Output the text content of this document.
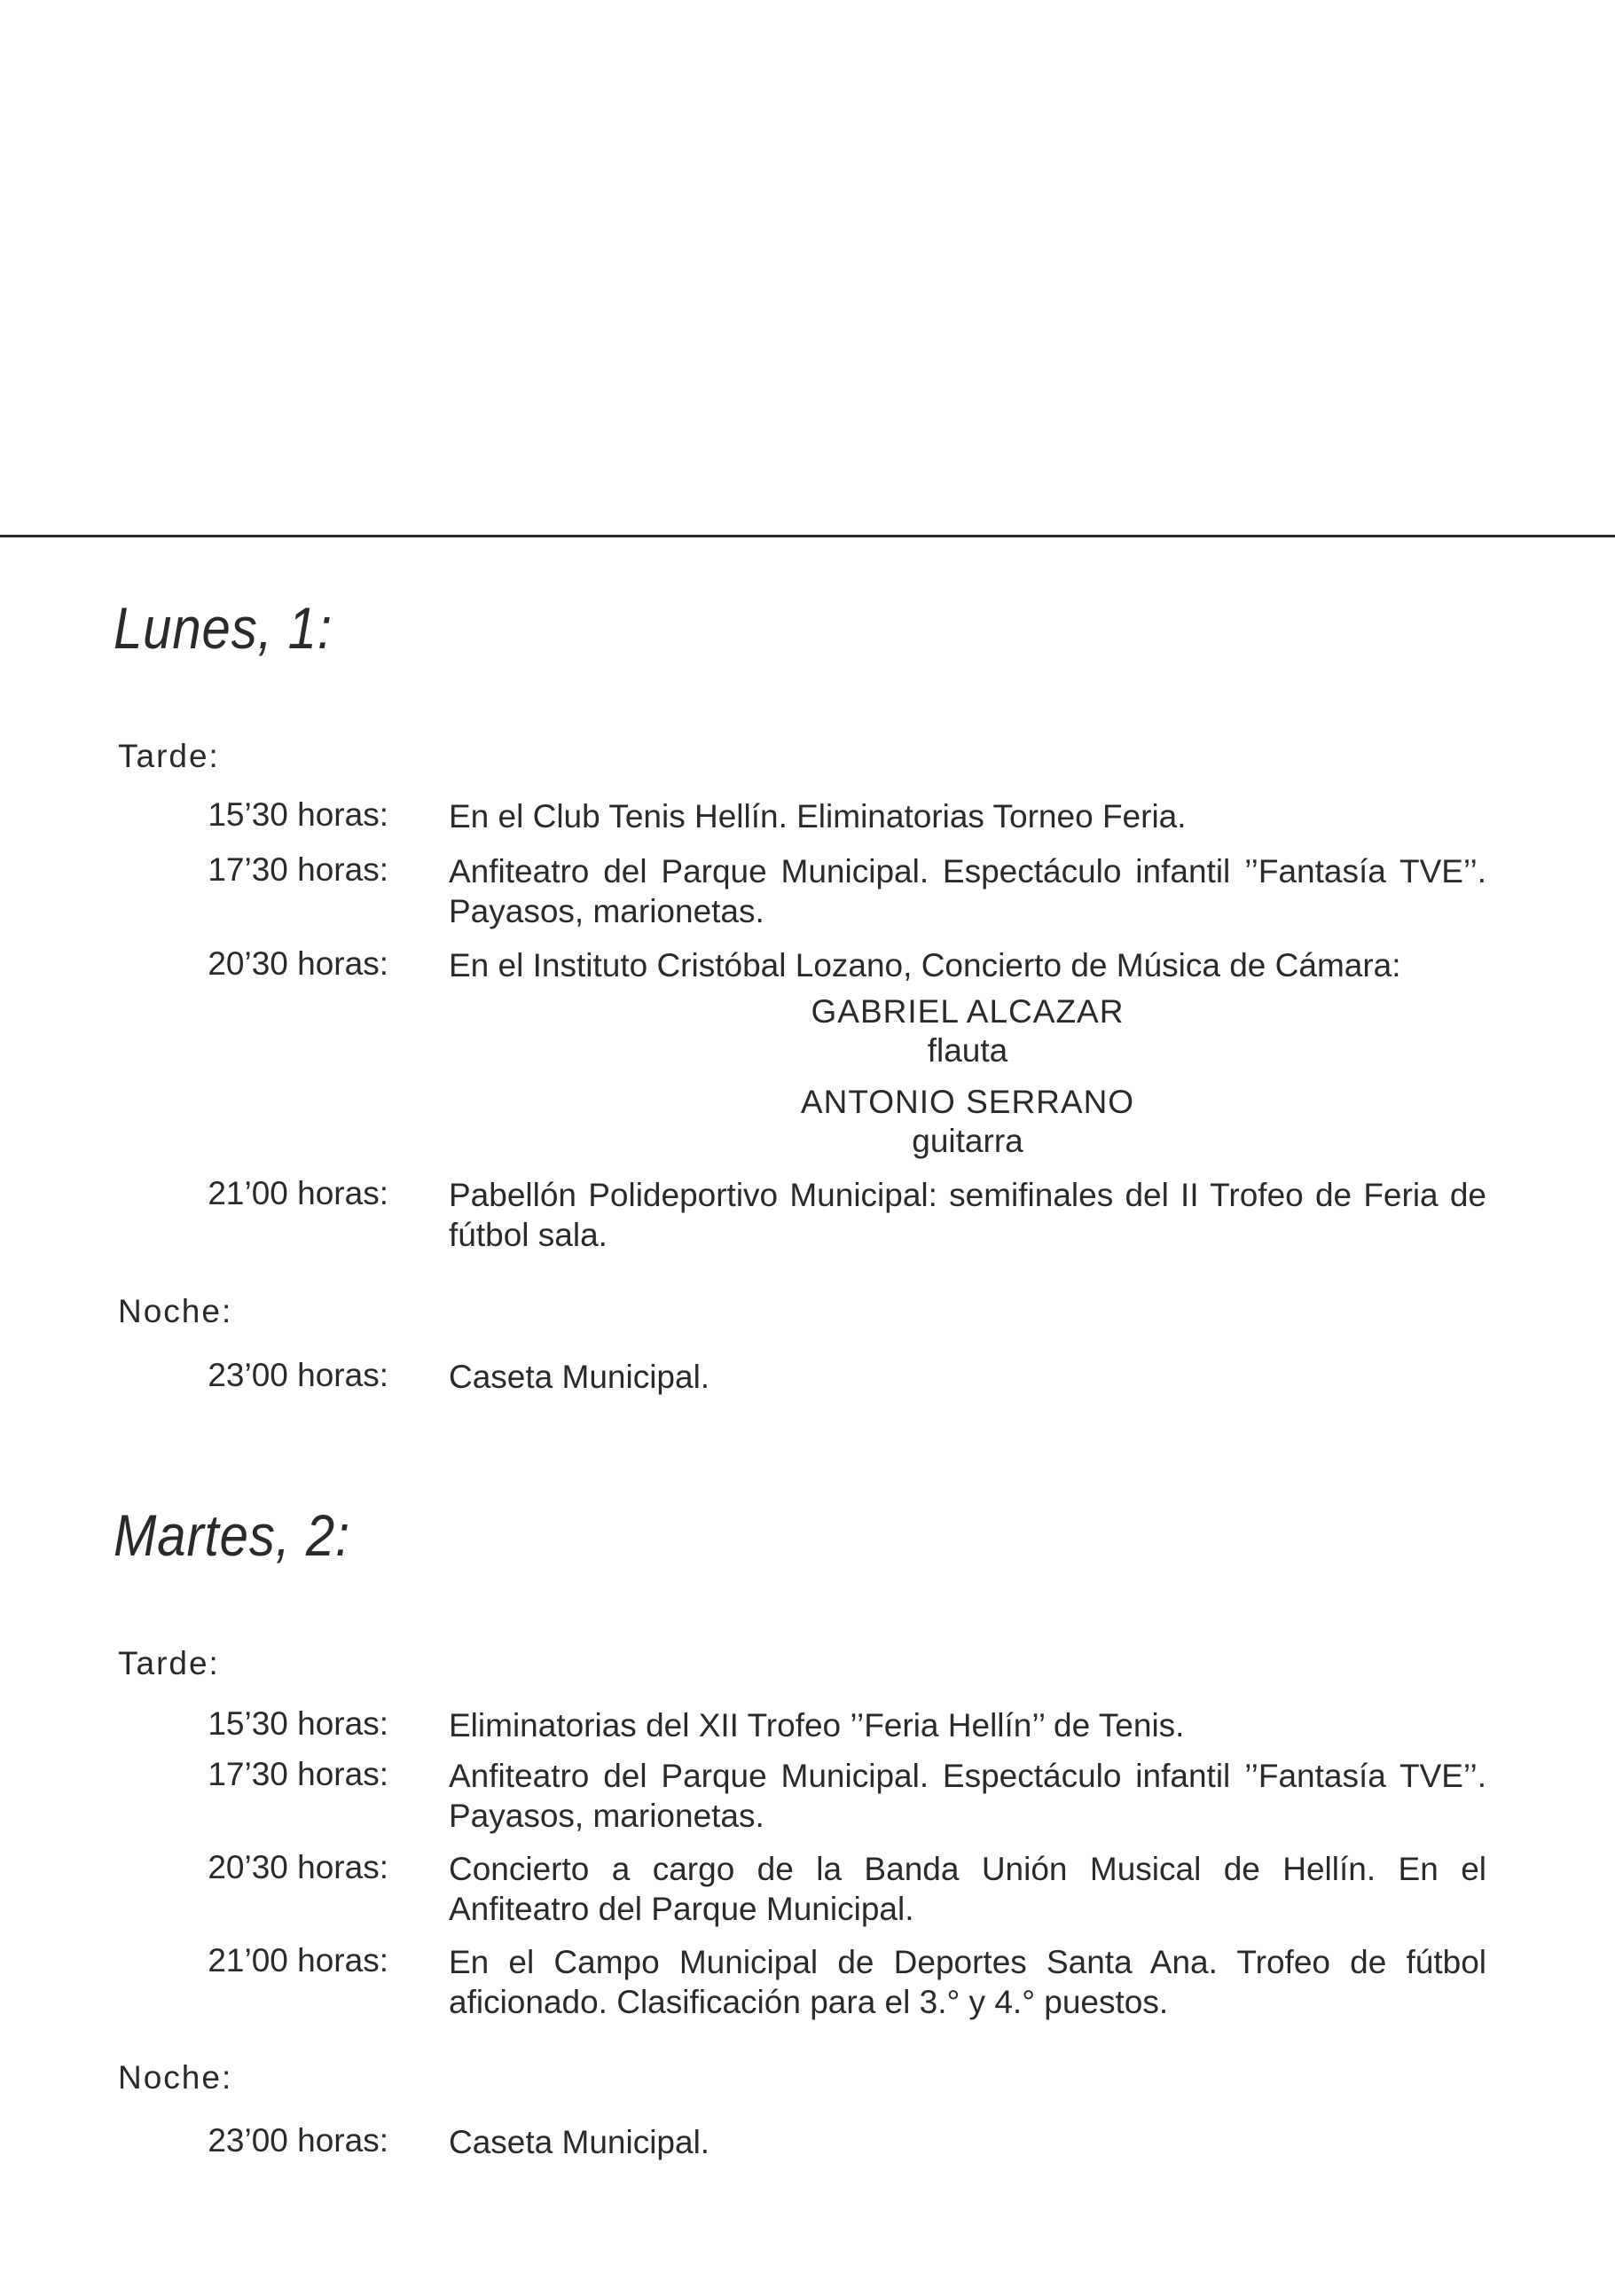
Lunes, 1:
Tarde:
15’30 horas: En el Club Tenis Hellín. Eliminatorias Torneo Feria.
17’30 horas: Anfiteatro del Parque Municipal. Espectáculo infantil ’’Fantasía TVE’’. Payasos, marionetas.
20’30 horas: En el Instituto Cristóbal Lozano, Concierto de Música de Cámara:
GABRIEL ALCAZAR
flauta
ANTONIO SERRANO
guitarra
21’00 horas: Pabellón Polideportivo Municipal: semifinales del II Trofeo de Feria de fútbol sala.
Noche:
23’00 horas: Caseta Municipal.
Martes, 2:
Tarde:
15’30 horas: Eliminatorias del XII Trofeo ’’Feria Hellín’’ de Tenis.
17’30 horas: Anfiteatro del Parque Municipal. Espectáculo infantil ’’Fantasía TVE’’. Payasos, marionetas.
20’30 horas: Concierto a cargo de la Banda Unión Musical de Hellín. En el Anfiteatro del Parque Municipal.
21’00 horas: En el Campo Municipal de Deportes Santa Ana. Trofeo de fútbol aficionado. Clasificación para el 3.° y 4.° puestos.
Noche:
23’00 horas: Caseta Municipal.
